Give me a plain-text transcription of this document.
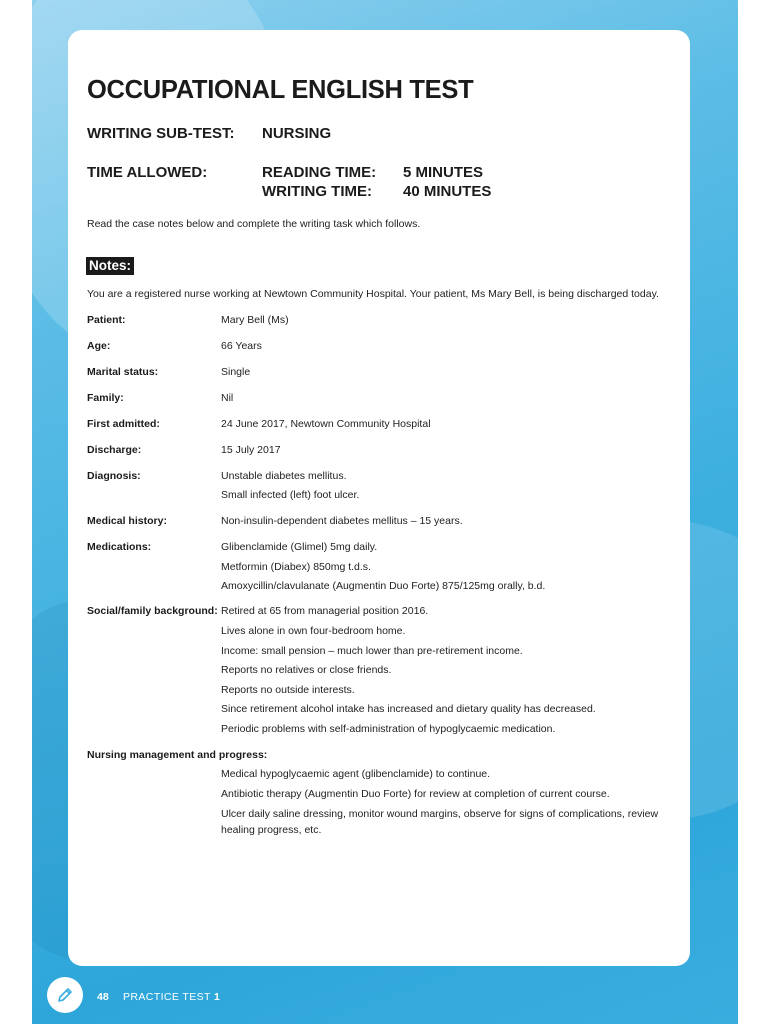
OCCUPATIONAL ENGLISH TEST
WRITING SUB-TEST: NURSING
TIME ALLOWED:	READING TIME: 5 MINUTES
WRITING TIME: 40 MINUTES
Read the case notes below and complete the writing task which follows.
Notes:
You are a registered nurse working at Newtown Community Hospital. Your patient, Ms Mary Bell, is being discharged today.
Patient:	Mary Bell (Ms)
Age:	66 Years
Marital status:	Single
Family:	Nil
First admitted:	24 June 2017, Newtown Community Hospital
Discharge:	15 July 2017
Diagnosis:	Unstable diabetes mellitus.
Small infected (left) foot ulcer.
Medical history:	Non-insulin-dependent diabetes mellitus – 15 years.
Medications:	Glibenclamide (Glimel) 5mg daily.
Metformin (Diabex) 850mg t.d.s.
Amoxycillin/clavulanate (Augmentin Duo Forte) 875/125mg orally, b.d.
Social/family background: Retired at 65 from managerial position 2016.
Lives alone in own four-bedroom home.
Income: small pension – much lower than pre-retirement income.
Reports no relatives or close friends.
Reports no outside interests.
Since retirement alcohol intake has increased and dietary quality has decreased.
Periodic problems with self-administration of hypoglycaemic medication.
Nursing management and progress:
Medical hypoglycaemic agent (glibenclamide) to continue.
Antibiotic therapy (Augmentin Duo Forte) for review at completion of current course.
Ulcer daily saline dressing, monitor wound margins, observe for signs of complications, review
healing progress, etc.
48 PRACTICE TEST 1
